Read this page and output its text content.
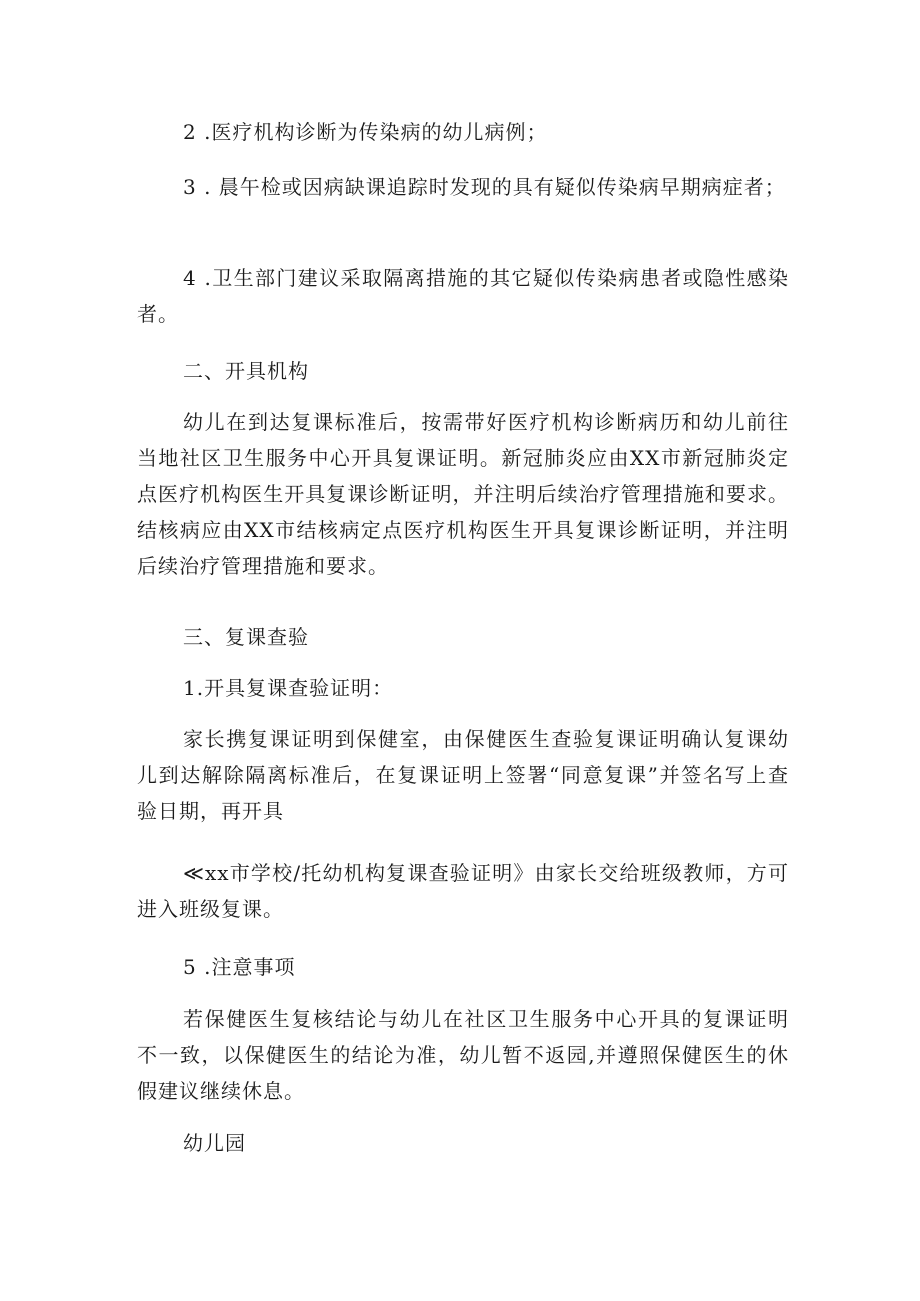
2 .医疗机构诊断为传染病的幼儿病例；

3 . 晨午检或因病缺课追踪时发现的具有疑似传染病早期病症者；

4 .卫生部门建议采取隔离措施的其它疑似传染病患者或隐性感染者。

二、开具机构

幼儿在到达复课标准后，按需带好医疗机构诊断病历和幼儿前往当地社区卫生服务中心开具复课证明。新冠肺炎应由XX市新冠肺炎定点医疗机构医生开具复课诊断证明，并注明后续治疗管理措施和要求。结核病应由XX市结核病定点医疗机构医生开具复课诊断证明，并注明后续治疗管理措施和要求。

三、复课查验

1.开具复课查验证明：

家长携复课证明到保健室，由保健医生查验复课证明确认复课幼儿到达解除隔离标准后，在复课证明上签署“同意复课”并签名写上查验日期，再开具

≪xx市学校/托幼机构复课查验证明》由家长交给班级教师，方可进入班级复课。

5 .注意事项

若保健医生复核结论与幼儿在社区卫生服务中心开具的复课证明不一致，以保健医生的结论为准，幼儿暂不返园,并遵照保健医生的休假建议继续休息。

幼儿园
